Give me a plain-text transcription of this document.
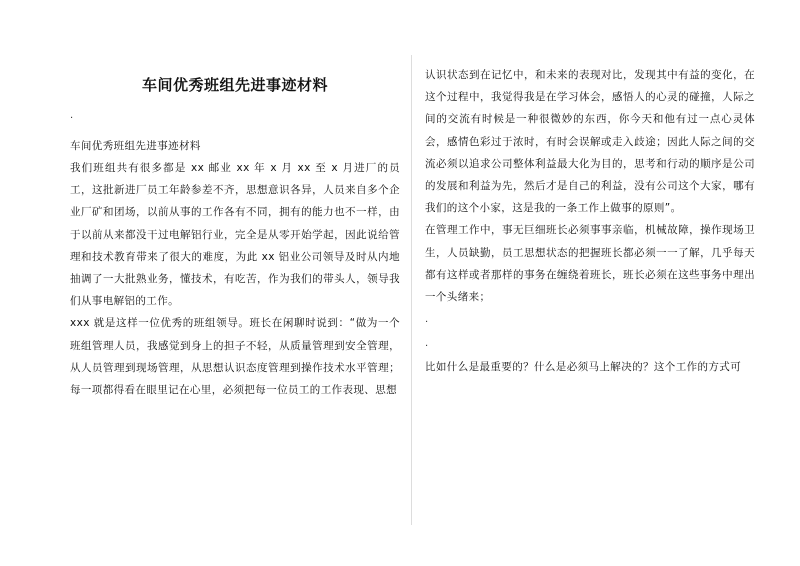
车间优秀班组先进事迹材料
.

车间优秀班组先进事迹材料

我们班组共有很多都是 xx 邮业 xx 年 x 月 xx 至 x 月进厂的员工，这批新进厂员工年龄参差不齐，思想意识各异，人员来自多个企业厂矿和团场，以前从事的工作各有不同，拥有的能力也不一样，由于以前从来都没干过电解铝行业，完全是从零开始学起，因此说给管理和技术教育带来了很大的难度，为此 xx 铝业公司领导及时从内地抽调了一大批熟业务，懂技术，有吃苦，作为我们的带头人，领导我们从事电解铝的工作。

xxx 就是这样一位优秀的班组领导。班长在闲聊时说到：“做为一个班组管理人员，我感觉到身上的担子不轻，从质量管理到安全管理，从人员管理到现场管理，从思想认识态度管理到操作技术水平管理；每一项都得看在眼里记在心里，必须把每一位员工的工作表现、思想

认识状态到在记忆中，和未来的表现对比，发现其中有益的变化，在这个过程中，我觉得我是在学习体会，感悟人的心灵的碰撞，人际之间的交流有时候是一种很微妙的东西，你今天和他有过一点心灵体会，感情色彩过于浓时，有时会误解或走入歧途；因此人际之间的交流必须以追求公司整体利益最大化为目的，思考和行动的顺序是公司的发展和利益为先，然后才是自己的利益，没有公司这个大家，哪有我们的这个小家，这是我的一条工作上做事的原则”。

在管理工作中，事无巨细班长必须事事亲临，机械故障，操作现场卫生，人员缺勤，员工思想状态的把握班长都必须一一了解，几乎每天都有这样或者那样的事务在缠绕着班长，班长必须在这些事务中理出一个头绪来；

.
.

比如什么是最重要的？什么是必须马上解决的？这个工作的方式可
